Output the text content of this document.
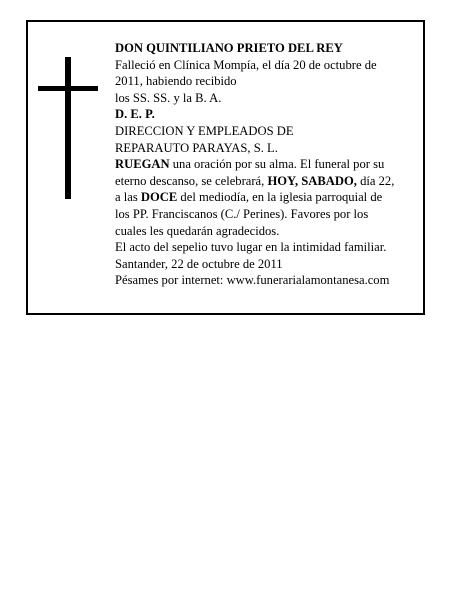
DON QUINTILIANO PRIETO DEL REY
Falleció en Clínica Mompía, el día 20 de octubre de
2011, habiendo recibido
los SS. SS. y la B. A.
D. E. P.
DIRECCION Y EMPLEADOS DE
REPARAUTO PARAYAS, S. L.
RUEGAN una oración por su alma. El funeral por su
eterno descanso, se celebrará, HOY, SABADO, día 22,
a las DOCE del mediodía, en la iglesia parroquial de
los PP. Franciscanos (C./ Perines). Favores por los
cuales les quedarán agradecidos.
El acto del sepelio tuvo lugar en la intimidad familiar.
Santander, 22 de octubre de 2011
Pésames por internet: www.funerarialamontanesa.com
